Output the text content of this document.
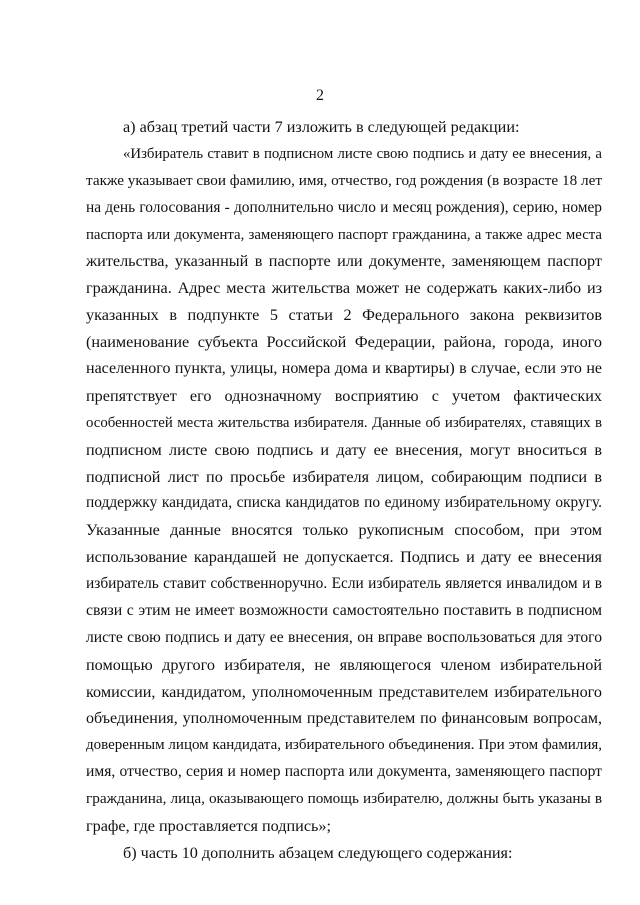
2
а) абзац третий части 7 изложить в следующей редакции:
«Избиратель ставит в подписном листе свою подпись и дату ее внесения, а
также указывает свои фамилию, имя, отчество, год рождения (в возрасте 18 лет
на день голосования - дополнительно число и месяц рождения), серию, номер
паспорта или документа, заменяющего паспорт гражданина, а также адрес места
жительства, указанный в паспорте или документе, заменяющем паспорт
гражданина. Адрес места жительства может не содержать каких-либо из
указанных в подпункте 5 статьи 2 Федерального закона реквизитов
(наименование субъекта Российской Федерации, района, города, иного
населенного пункта, улицы, номера дома и квартиры) в случае, если это не
препятствует его однозначному восприятию с учетом фактических
особенностей места жительства избирателя. Данные об избирателях, ставящих в
подписном листе свою подпись и дату ее внесения, могут вноситься в
подписной лист по просьбе избирателя лицом, собирающим подписи в
поддержку кандидата, списка кандидатов по единому избирательному округу.
Указанные данные вносятся только рукописным способом, при этом
использование карандашей не допускается. Подпись и дату ее внесения
избиратель ставит собственноручно. Если избиратель является инвалидом и в
связи с этим не имеет возможности самостоятельно поставить в подписном
листе свою подпись и дату ее внесения, он вправе воспользоваться для этого
помощью другого избирателя, не являющегося членом избирательной
комиссии, кандидатом, уполномоченным представителем избирательного
объединения, уполномоченным представителем по финансовым вопросам,
доверенным лицом кандидата, избирательного объединения. При этом фамилия,
имя, отчество, серия и номер паспорта или документа, заменяющего паспорт
гражданина, лица, оказывающего помощь избирателю, должны быть указаны в
графе, где проставляется подпись»;
б) часть 10 дополнить абзацем следующего содержания:
